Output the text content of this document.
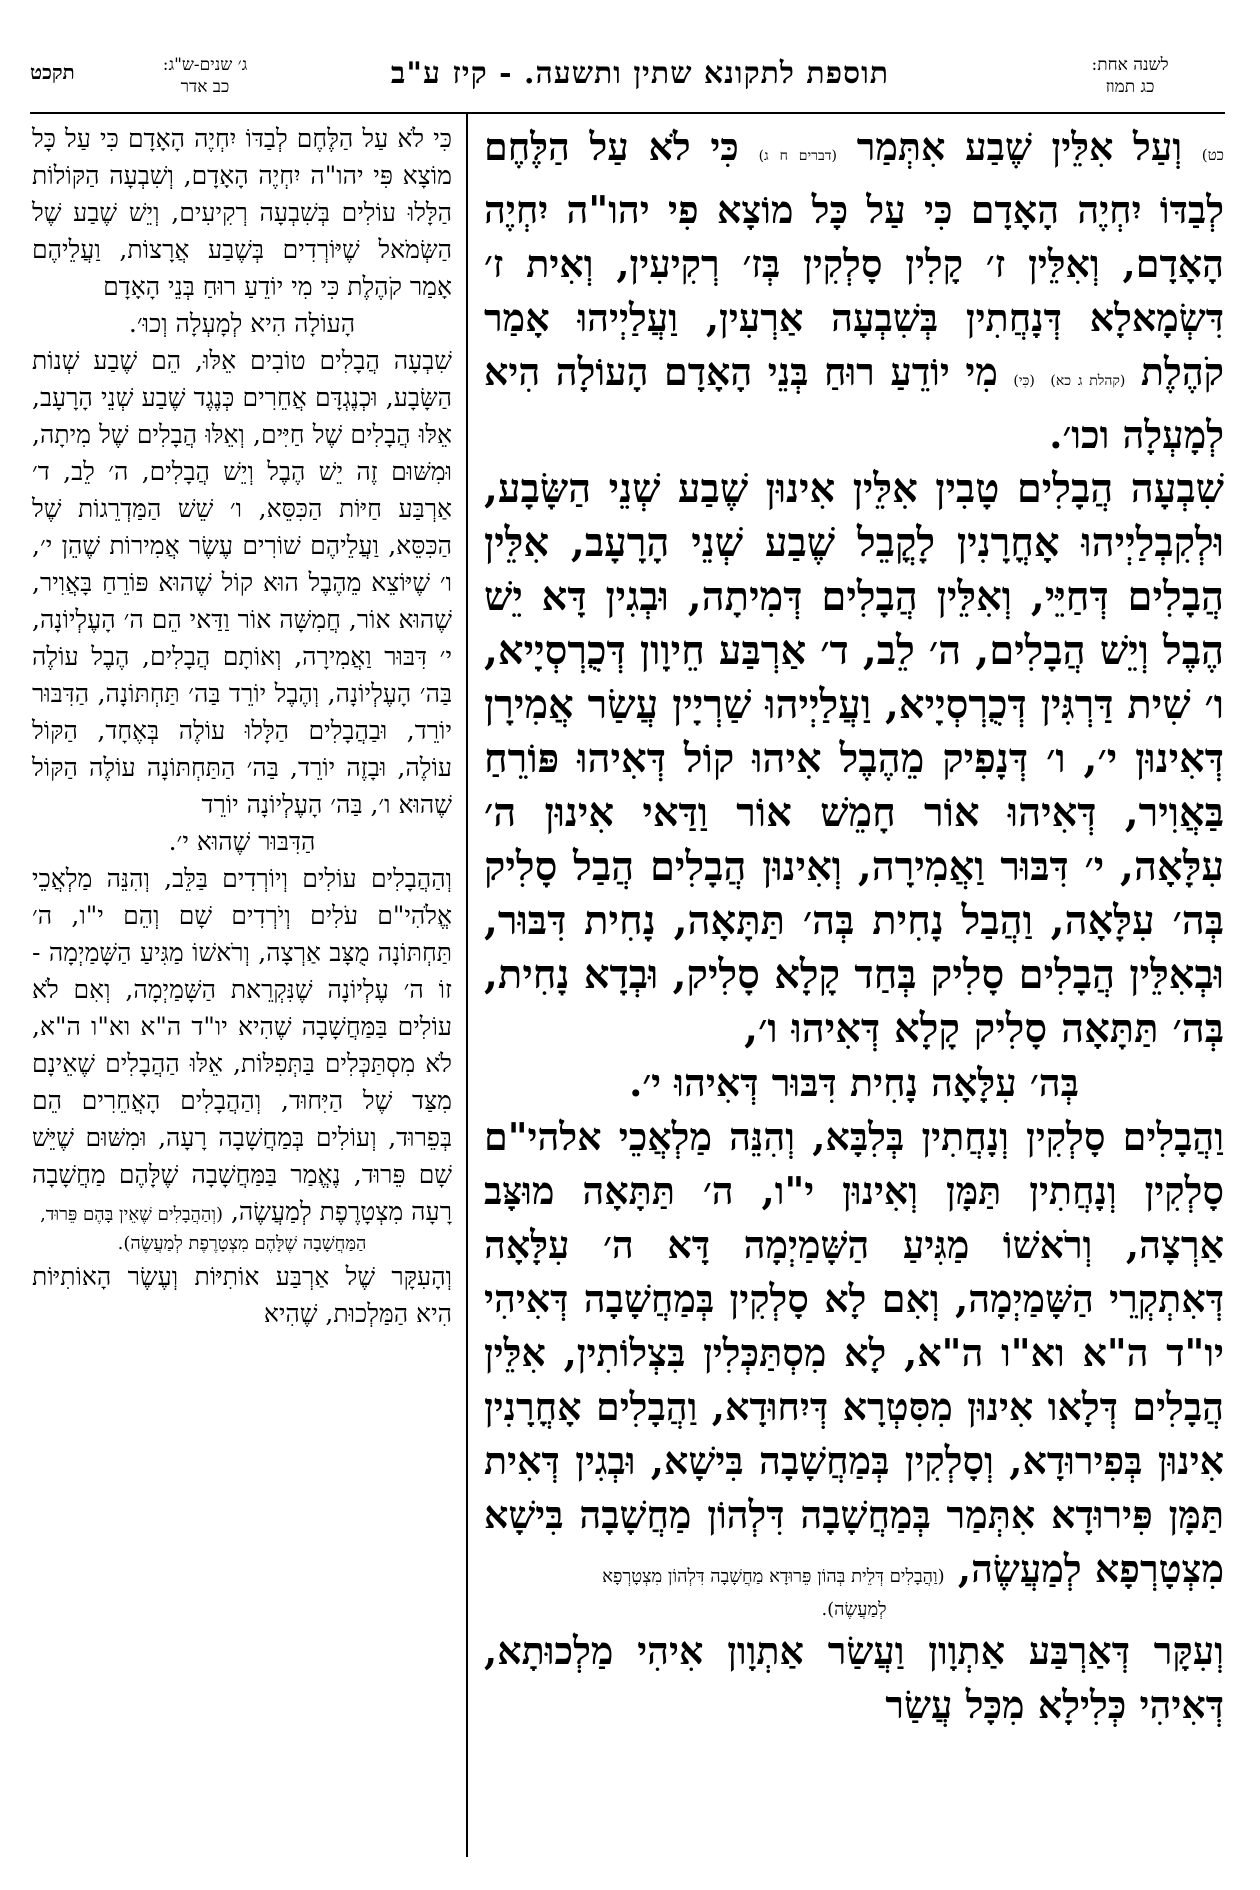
לשנה אחת:
כג תמוז
תוספת לתקונא שתין ותשעה. - קיז ע"ב
ג׳ שנים-ש"ג:
כב אדר
תקכט

כט) וְעַל אִלֵּין שֶׁבַע אִתְּמַר (דברים ח ג) כִּי לֹא עַל הַלֶּחֶם לְבַדּוֹ יִחְיֶה הָאָדָם כִּי עַל כָּל מוֹצָא פִי יהו"ה יִחְיֶה הָאָדָם, וְאִלֵּין ז׳ קָלִין סָלְקִין בְּז׳ רְקִיעִין, וְאִית ז׳ דִּשְׂמָאלָא דְּנָחֲתִין בְּשִׁבְעָה אַרְעִין, וַעֲלַיְיהוּ אָמַר קֹהֶלֶת (קהלת ג כא) (כִּי) מִי יוֹדֵעַ רוּחַ בְּנֵי הָאָדָם הָעוֹלָה הִיא לְמָעְלָה וכו׳.

שִׁבְעָה הֲבָלִים טָבִין אִלֵּין אִינוּן שֶׁבַע שְׁנֵי הַשָּׂבָע, וּלְקִבְלַיְיהוּ אָחֳרָנִין לָקֳבֵל שֶׁבַע שְׁנֵי הָרָעָב, אִלֵּין הֲבָלִים דְּחַיֵּי, וְאִלֵּין הֲבָלִים דְּמִיתָה, וּבְגִין דָּא יֵשׁ הֶבֶל וְיֵשׁ הֲבָלִים, ה׳ לֵב, ד׳ אַרְבַּע חֵיוָון דְּכֻרְסְיָיא, ו׳ שִׁית דַּרְגִּין דְּכֻרְסְיָיא, וַעֲלַיְיהוּ שַׁרְיָין עֲשַׂר אֲמִירָן דְּאִינוּן י׳, ו׳ דְּנָפִיק מֵהֶבֶל אִיהוּ קוֹל דְּאִיהוּ פּוֹרֵחַ בַּאֲוִיר, דְּאִיהוּ אוֹר חָמֵשׁ אוֹר וַדַּאי אִינוּן ה׳ עִלָּאָה, י׳ דִּבּוּר וַאֲמִירָה, וְאִינוּן הֲבָלִים הֲבַל סָלִיק בְּה׳ עִלָּאָה, וַהֲבַל נָחִית בְּה׳ תַּתָּאָה, נָחִית דִּבּוּר, וּבְאִלֵּין הֲבָלִים סָלִיק בְּחַד קָלָא סָלִיק, וּבְדָא נָחִית, בְּה׳ תַּתָּאָה סָלִיק קָלָא דְּאִיהוּ ו׳,

בְּה׳ עִלָּאָה נָחִית דִּבּוּר דְּאִיהוּ י׳.

וַהֲבָלִים סָלְקִין וְנָחֲתִין בְּלִבָּא, וְהִנֵּה מַלְאֲכֵי אלהי"ם סָלְקִין וְנָחֲתִין תַּמָּן וְאִינוּן י"ו, ה׳ תַּתָּאָה מוּצָּב אַרְצָה, וְרֹאשׁוֹ מַגִּיעַ הַשָּׁמַיְמָה דָּא ה׳ עִלָּאָה דְּאִתְקְרֵי הַשָּׁמַיְמָה, וְאִם לָא סָלְקִין בְּמַחֲשָׁבָה דְּאִיהִי יו"ד ה"א וא"ו ה"א, לָא מִסְתַּכְּלִין בִּצְלוֹתִין, אִלֵּין הֲבָלִים דְּלָאו אִינוּן מִסִּטְרָא דְּיִחוּדָא, וַהֲבָלִים אָחֳרָנִין אִינוּן בְּפִירוּדָא, וְסָלְקִין בְּמַחֲשָׁבָה בִּישָׁא, וּבְגִין דְּאִית תַּמָּן פִּירוּדָא אִתְּמַר בְּמַחֲשָׁבָה דִּלְהוֹן מַחֲשָׁבָה בִּישָׁא מִצְטָרְפָא לְמַעֲשֶׂה, (וַהֲבָלִים דְּלֵית בְּהוֹן פֵּרוּדָא מַחֲשָׁבָה דִּלְהוֹן מִצְטָרְפָא

לְמַעֲשֶׂה).

וְעִקָּר דְּאַרְבַּע אַתְוָון וַעֲשַׂר אַתְוָון אִיהִי מַלְכוּתָא, דְּאִיהִי כְּלִילָא מִכָּל עֲשַׂר

כִּי לֹא עַל הַלֶּחֶם לְבַדּוֹ יִחְיֶה הָאָדָם כִּי עַל כָּל מוֹצָא פִּי יהו"ה יִחְיֶה הָאָדָם, וְשִׁבְעָה הַקּוֹלוֹת הַלָּלוּ עוֹלִים בְּשִׁבְעָה רְקִיעִים, וְיֵשׁ שֶׁבַע שֶׁל הַשְּׂמֹאל שֶׁיּוֹרְדִים בְּשֶׁבַע אֲרָצוֹת, וַעֲלֵיהֶם אָמַר קֹהֶלֶת כִּי מִי יוֹדֵעַ רוּחַ בְּנֵי הָאָדָם

הָעוֹלָה הִיא לְמָעְלָה וְכוּ׳.

שִׁבְעָה הֲבָלִים טוֹבִים אֵלּוּ, הֵם שֶׁבַע שְׁנוֹת הַשָּׂבָע, וּכְנֶגְדָּם אֲחֵרִים כְּנֶגֶד שֶׁבַע שְׁנֵי הָרָעָב, אֵלּוּ הֲבָלִים שֶׁל חַיִּים, וְאֵלּוּ הֲבָלִים שֶׁל מִיתָה, וּמִשּׁוּם זֶה יֵשׁ הֶבֶל וְיֵשׁ הֲבָלִים, ה׳ לֵב, ד׳ אַרְבַּע חַיּוֹת הַכִּסֵּא, ו׳ שֵׁשׁ הַמַּדְרֵגוֹת שֶׁל הַכִּסֵּא, וַעֲלֵיהֶם שׁוֹרִים עֶשֶׂר אֲמִירוֹת שֶׁהֵן י׳, ו׳ שֶׁיּוֹצֵא מֵהֶבֶל הוּא קוֹל שֶׁהוּא פּוֹרֵחַ בָּאֲוִיר, שֶׁהוּא אוֹר, חֲמִשָּׁה אוֹר וַדַּאי הֵם ה׳ הָעֶלְיוֹנָה, י׳ דִּבּוּר וַאֲמִירָה, וְאוֹתָם הֲבָלִים, הֶבֶל עוֹלֶה בַּה׳ הָעֶלְיוֹנָה, וְהֶבֶל יוֹרֵד בַּה׳ תַּחְתּוֹנָה, הַדִּבּוּר יוֹרֵד, וּבַהֲבָלִים הַלָּלוּ עוֹלֶה בְּאֶחָד, הַקּוֹל עוֹלֶה, וּבָזֶה יוֹרֵד, בַּה׳ הַתַּחְתּוֹנָה עוֹלֶה הַקּוֹל שֶׁהוּא ו׳, בַּה׳ הָעֶלְיוֹנָה יוֹרֵד

הַדִּבּוּר שֶׁהוּא י׳.

וְהַהֲבָלִים עוֹלִים וְיוֹרְדִים בַּלֵּב, וְהִנֵּה מַלְאֲכֵי אֱלֹהִי"ם עֹלִים וְיֹרְדִים שָׁם וְהֵם י"ו, ה׳ תַּחְתּוֹנָה מֻצָּב אַרְצָה, וְרֹאשׁוֹ מַגִּיעַ הַשָּׁמַיְמָה - זוֹ ה׳ עֶלְיוֹנָה שֶׁנִּקְרֵאת הַשָּׁמַיְמָה, וְאִם לֹא עוֹלִים בַּמַּחֲשָׁבָה שֶׁהִיא יו"ד ה"א וא"ו ה"א, לֹא מִסְתַּכְּלִים בַּתְּפִלּוֹת, אֵלּוּ הַהֲבָלִים שֶׁאֵינָם מִצַּד שֶׁל הַיִּחוּד, וְהַהֲבָלִים הָאֲחֵרִים הֵם בְּפֵרוּד, וְעוֹלִים בְּמַחֲשָׁבָה רָעָה, וּמִשּׁוּם שֶׁיֵּשׁ שָׁם פֵּרוּד, נֶאֱמַר בַּמַּחֲשָׁבָה שֶׁלָּהֶם מַחֲשָׁבָה רָעָה מִצְטָרֶפֶת לְמַעֲשֶׂה, (וְהַהֲבָלִים שֶׁאֵין בָּהֶם פֵּרוּד,

הַמַּחֲשָׁבָה שֶׁלָּהֶם מִצְטָרֶפֶת לְמַעֲשֶׂה).

וְהָעִקָּר שֶׁל אַרְבַּע אוֹתִיּוֹת וְעֶשֶׂר הָאוֹתִיּוֹת הִיא הַמַּלְכוּת, שֶׁהִיא
